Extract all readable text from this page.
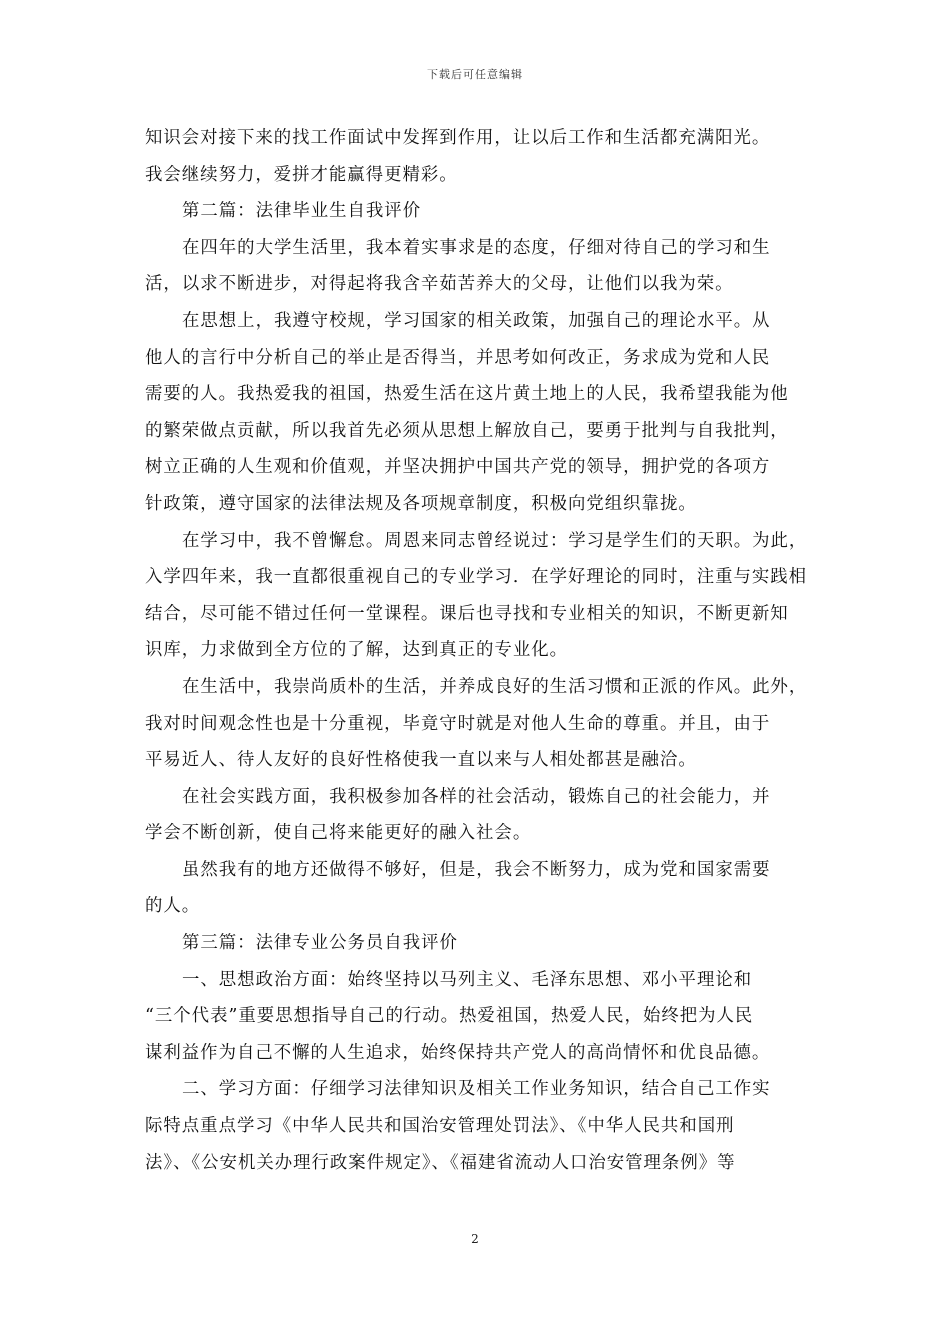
下载后可任意编辑

知识会对接下来的找工作面试中发挥到作用，让以后工作和生活都充满阳光。
我会继续努力，爱拼才能赢得更精彩。

第二篇：法律毕业生自我评价

在四年的大学生活里，我本着实事求是的态度，仔细对待自己的学习和生
活，以求不断进步，对得起将我含辛茹苦养大的父母，让他们以我为荣。

在思想上，我遵守校规，学习国家的相关政策，加强自己的理论水平。从
他人的言行中分析自己的举止是否得当，并思考如何改正，务求成为党和人民
需要的人。我热爱我的祖国，热爱生活在这片黄土地上的人民，我希望我能为他
的繁荣做点贡献，所以我首先必须从思想上解放自己，要勇于批判与自我批判，
树立正确的人生观和价值观，并坚决拥护中国共产党的领导，拥护党的各项方
针政策，遵守国家的法律法规及各项规章制度，积极向党组织靠拢。

在学习中，我不曾懈怠。周恩来同志曾经说过：学习是学生们的天职。为此，
入学四年来，我一直都很重视自己的专业学习．在学好理论的同时，注重与实践相
结合，尽可能不错过任何一堂课程。课后也寻找和专业相关的知识，不断更新知
识库，力求做到全方位的了解，达到真正的专业化。

在生活中，我崇尚质朴的生活，并养成良好的生活习惯和正派的作风。此外，
我对时间观念性也是十分重视，毕竟守时就是对他人生命的尊重。并且，由于
平易近人、待人友好的良好性格使我一直以来与人相处都甚是融洽。

在社会实践方面，我积极参加各样的社会活动，锻炼自己的社会能力，并
学会不断创新，使自己将来能更好的融入社会。

虽然我有的地方还做得不够好，但是，我会不断努力，成为党和国家需要
的人。

第三篇：法律专业公务员自我评价

一、思想政治方面：始终坚持以马列主义、毛泽东思想、邓小平理论和
“三个代表”重要思想指导自己的行动。热爱祖国，热爱人民，始终把为人民
谋利益作为自己不懈的人生追求，始终保持共产党人的高尚情怀和优良品德。

二、学习方面：仔细学习法律知识及相关工作业务知识，结合自己工作实
际特点重点学习《中华人民共和国治安管理处罚法》、《中华人民共和国刑
法》、《公安机关办理行政案件规定》、《福建省流动人口治安管理条例》等

2
